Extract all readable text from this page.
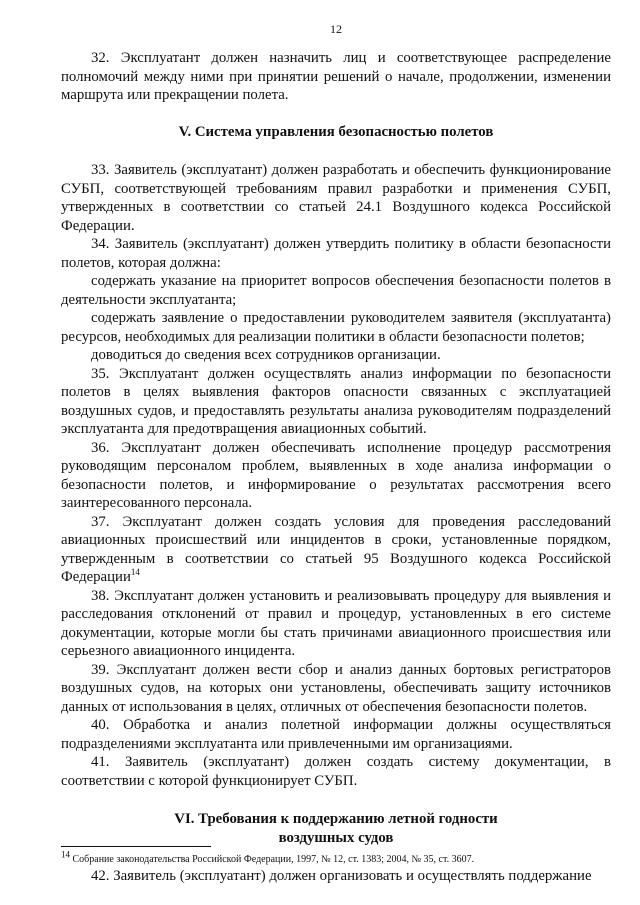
12

32. Эксплуатант должен назначить лиц и соответствующее распределение полномочий между ними при принятии решений о начале, продолжении, изменении маршрута или прекращении полета.

V. Система управления безопасностью полетов

33. Заявитель (эксплуатант) должен разработать и обеспечить функционирование СУБП, соответствующей требованиям правил разработки и применения СУБП, утвержденных в соответствии со статьей 24.1 Воздушного кодекса Российской Федерации.

34. Заявитель (эксплуатант) должен утвердить политику в области безопасности полетов, которая должна:

содержать указание на приоритет вопросов обеспечения безопасности полетов в деятельности эксплуатанта;

содержать заявление о предоставлении руководителем заявителя (эксплуатанта) ресурсов, необходимых для реализации политики в области безопасности полетов;

доводиться до сведения всех сотрудников организации.

35. Эксплуатант должен осуществлять анализ информации по безопасности полетов в целях выявления факторов опасности связанных с эксплуатацией воздушных судов, и предоставлять результаты анализа руководителям подразделений эксплуатанта для предотвращения авиационных событий.

36. Эксплуатант должен обеспечивать исполнение процедур рассмотрения руководящим персоналом проблем, выявленных в ходе анализа информации о безопасности полетов, и информирование о результатах рассмотрения всего заинтересованного персонала.

37. Эксплуатант должен создать условия для проведения расследований авиационных происшествий или инцидентов в сроки, установленные порядком, утвержденным в соответствии со статьей 95 Воздушного кодекса Российской Федерации$^{14}$

38. Эксплуатант должен установить и реализовывать процедуру для выявления и расследования отклонений от правил и процедур, установленных в его системе документации, которые могли бы стать причинами авиационного происшествия или серьезного авиационного инцидента.

39. Эксплуатант должен вести сбор и анализ данных бортовых регистраторов воздушных судов, на которых они установлены, обеспечивать защиту источников данных от использования в целях, отличных от обеспечения безопасности полетов.

40. Обработка и анализ полетной информации должны осуществляться подразделениями эксплуатанта или привлеченными им организациями.

41. Заявитель (эксплуатант) должен создать систему документации, в соответствии с которой функционирует СУБП.

VI. Требования к поддержанию летной годности
воздушных судов

42. Заявитель (эксплуатант) должен организовать и осуществлять поддержание

$^{14}$ Собрание законодательства Российской Федерации, 1997, № 12, ст. 1383; 2004, № 35, ст. 3607.
